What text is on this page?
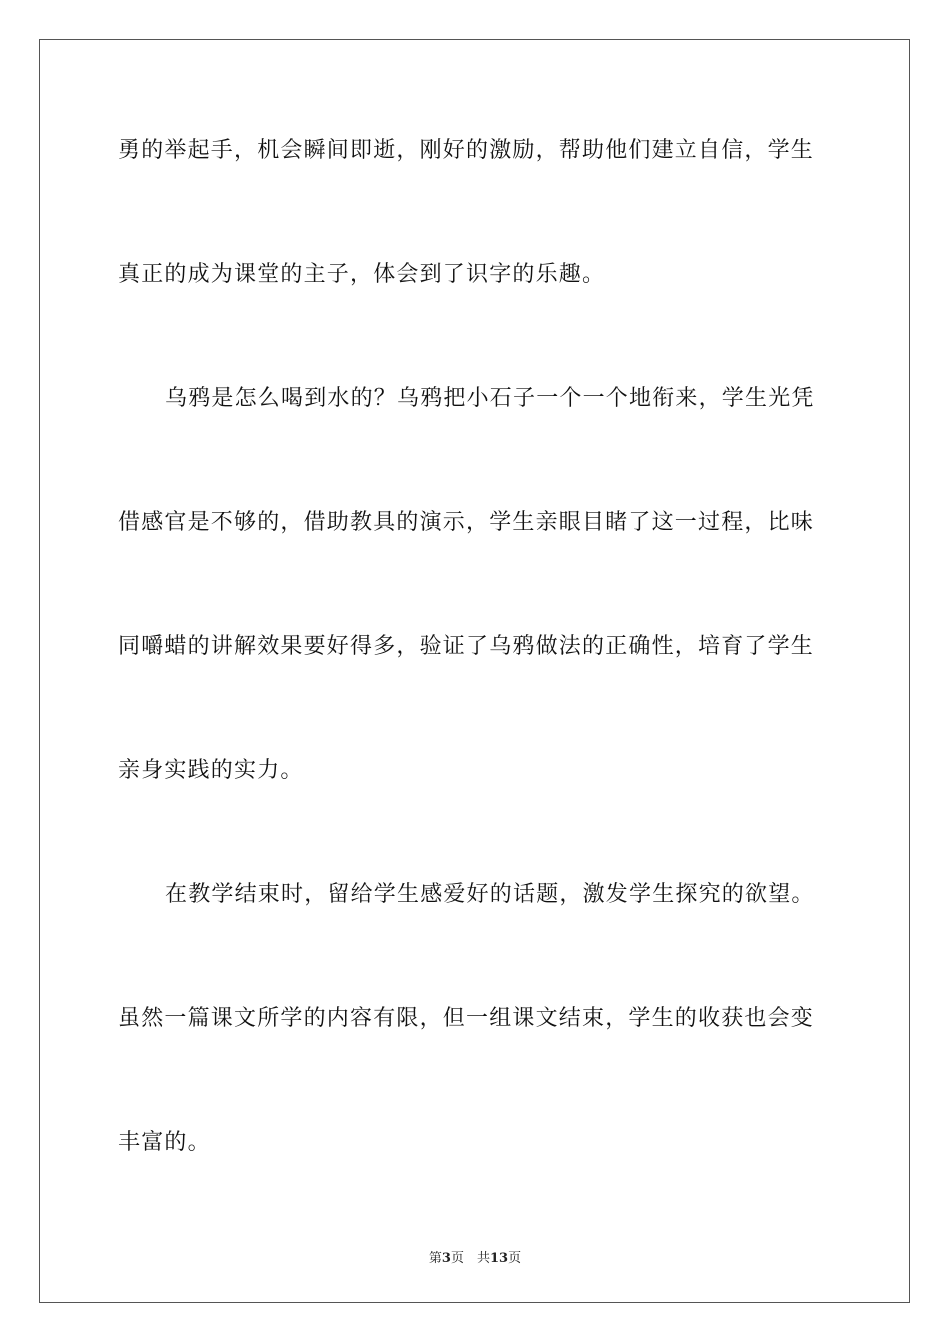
勇的举起手，机会瞬间即逝，刚好的激励，帮助他们建立自信，学生
真正的成为课堂的主子，体会到了识字的乐趣。
乌鸦是怎么喝到水的？乌鸦把小石子一个一个地衔来，学生光凭
借感官是不够的，借助教具的演示，学生亲眼目睹了这一过程，比味
同嚼蜡的讲解效果要好得多，验证了乌鸦做法的正确性，培育了学生
亲身实践的实力。
在教学结束时，留给学生感爱好的话题，激发学生探究的欲望。
虽然一篇课文所学的内容有限，但一组课文结束，学生的收获也会变
丰富的。
第3页　共13页
